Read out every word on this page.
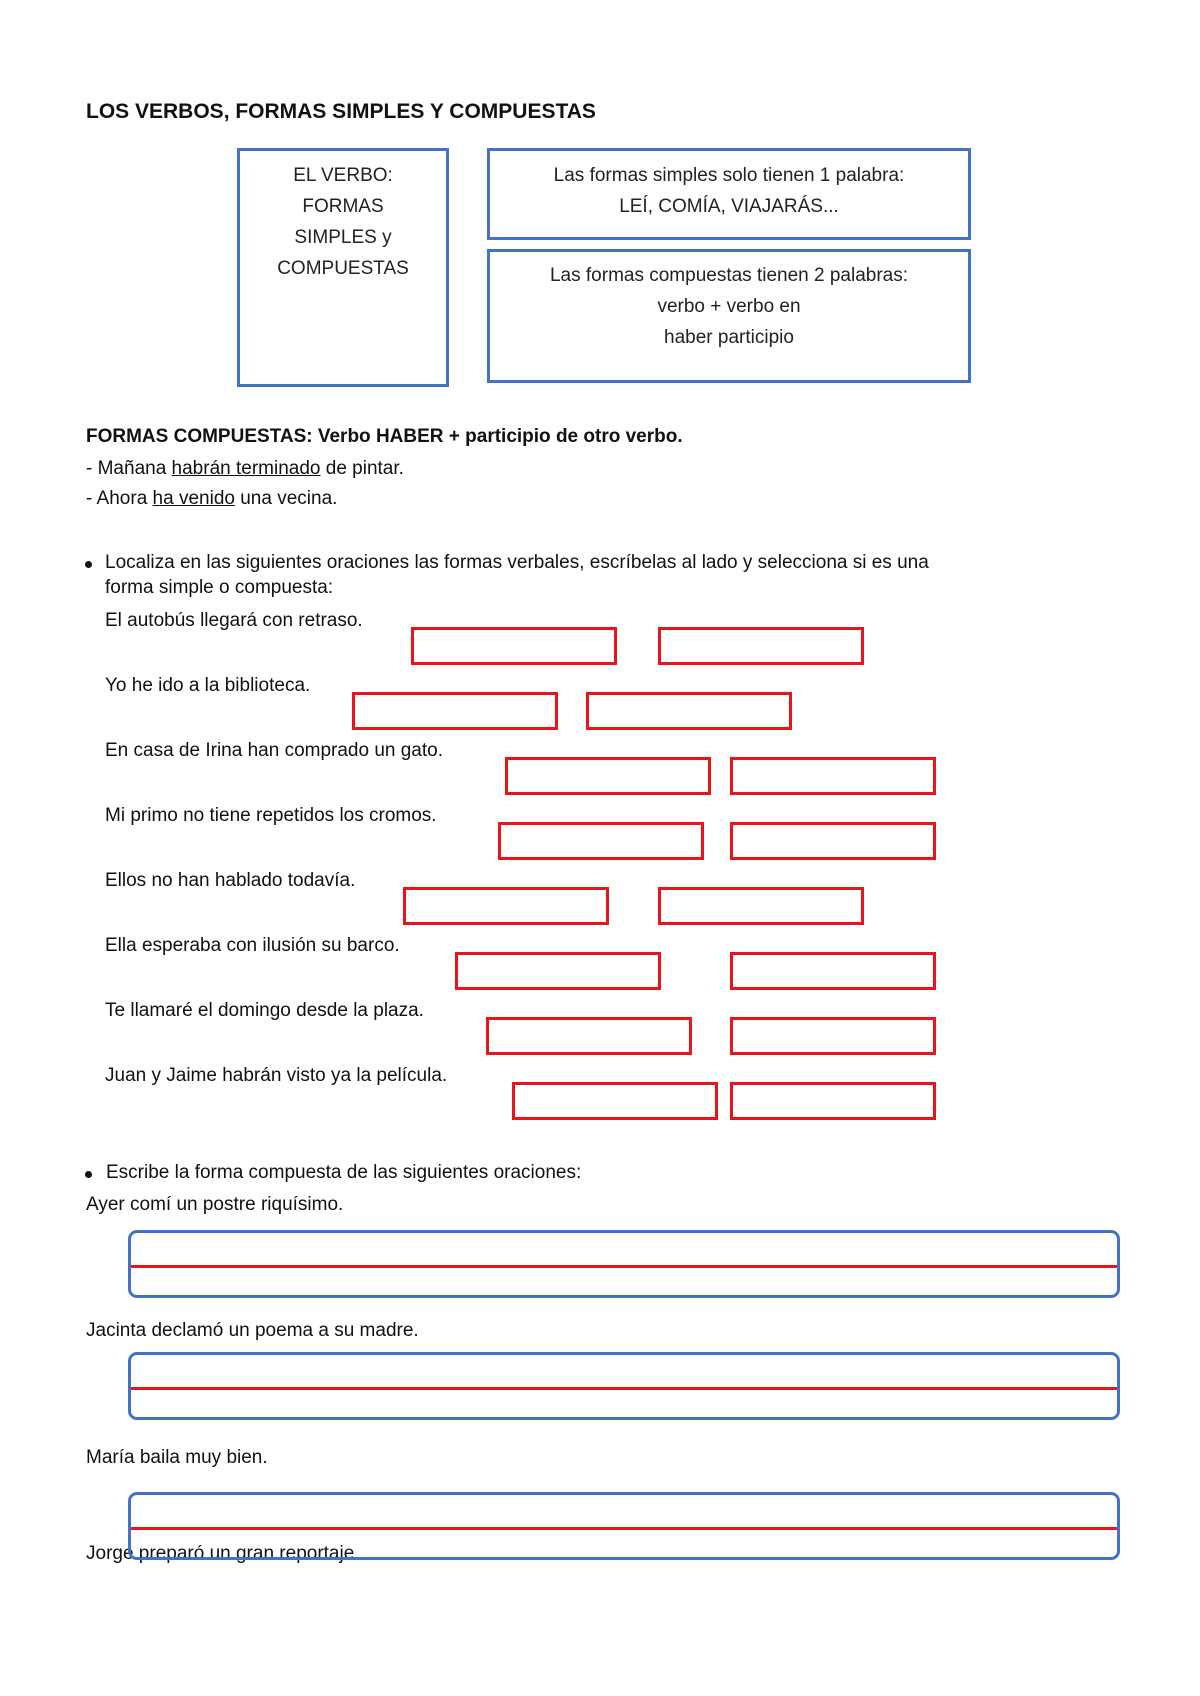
LOS VERBOS, FORMAS SIMPLES Y COMPUESTAS
EL VERBO:
FORMAS
SIMPLES y
COMPUESTAS
Las formas simples solo tienen 1 palabra:
LEÍ, COMÍA, VIAJARÁS...
Las formas compuestas tienen 2 palabras:
verbo + verbo en
haber participio
FORMAS COMPUESTAS: Verbo HABER + participio de otro verbo.
- Mañana habrán terminado de pintar.
- Ahora ha venido una vecina.
Localiza en las siguientes oraciones las formas verbales, escríbelas al lado y selecciona si es una
forma simple o compuesta:
El autobús llegará con retraso.
Yo he ido a la biblioteca.
En casa de Irina han comprado un gato.
Mi primo no tiene repetidos los cromos.
Ellos no han hablado todavía.
Ella esperaba con ilusión su barco.
Te llamaré el domingo desde la plaza.
Juan y Jaime habrán visto ya la película.
Escribe la forma compuesta de las siguientes oraciones:
Ayer comí un postre riquísimo.
Jacinta declamó un poema a su madre.
María baila muy bien.
Jorge preparó un gran reportaje.
